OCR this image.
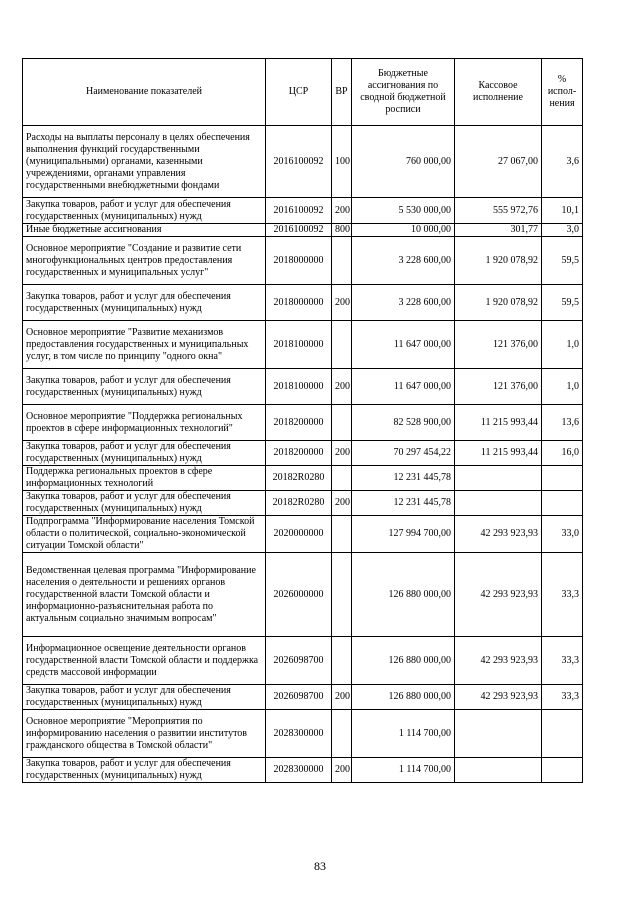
Наименование показателей	ЦСР	ВР	Бюджетные ассигнования по сводной бюджетной росписи	Кассовое исполнение	% испол-нения
Расходы на выплаты персоналу в целях обеспечения выполнения функций государственными (муниципальными) органами, казенными учреждениями, органами управления государственными внебюджетными фондами	2016100092	100	760 000,00	27 067,00	3,6
Закупка товаров, работ и услуг для обеспечения государственных (муниципальных) нужд	2016100092	200	5 530 000,00	555 972,76	10,1
Иные бюджетные ассигнования	2016100092	800	10 000,00	301,77	3,0
Основное мероприятие "Создание и развитие сети многофункциональных центров предоставления государственных и муниципальных услуг"	2018000000		3 228 600,00	1 920 078,92	59,5
Закупка товаров, работ и услуг для обеспечения государственных (муниципальных) нужд	2018000000	200	3 228 600,00	1 920 078,92	59,5
Основное мероприятие "Развитие механизмов предоставления государственных и муниципальных услуг, в том числе по принципу "одного окна"	2018100000		11 647 000,00	121 376,00	1,0
Закупка товаров, работ и услуг для обеспечения государственных (муниципальных) нужд	2018100000	200	11 647 000,00	121 376,00	1,0
Основное мероприятие "Поддержка региональных проектов в сфере информационных технологий"	2018200000		82 528 900,00	11 215 993,44	13,6
Закупка товаров, работ и услуг для обеспечения государственных (муниципальных) нужд	2018200000	200	70 297 454,22	11 215 993,44	16,0
Поддержка региональных проектов в сфере информационных технологий	20182R0280		12 231 445,78		
Закупка товаров, работ и услуг для обеспечения государственных (муниципальных) нужд	20182R0280	200	12 231 445,78		
Подпрограмма "Информирование населения Томской области о политической, социально-экономической ситуации Томской области"	2020000000		127 994 700,00	42 293 923,93	33,0
Ведомственная целевая программа "Информирование населения о деятельности и решениях органов государственной власти Томской области и информационно-разъяснительная работа по актуальным социально значимым вопросам"	2026000000		126 880 000,00	42 293 923,93	33,3
Информационное освещение деятельности органов государственной власти Томской области и поддержка средств массовой информации	2026098700		126 880 000,00	42 293 923,93	33,3
Закупка товаров, работ и услуг для обеспечения государственных (муниципальных) нужд	2026098700	200	126 880 000,00	42 293 923,93	33,3
Основное мероприятие "Мероприятия по информированию населения о развитии институтов гражданского общества в Томской области"	2028300000		1 114 700,00		
Закупка товаров, работ и услуг для обеспечения государственных (муниципальных) нужд	2028300000	200	1 114 700,00		
83
